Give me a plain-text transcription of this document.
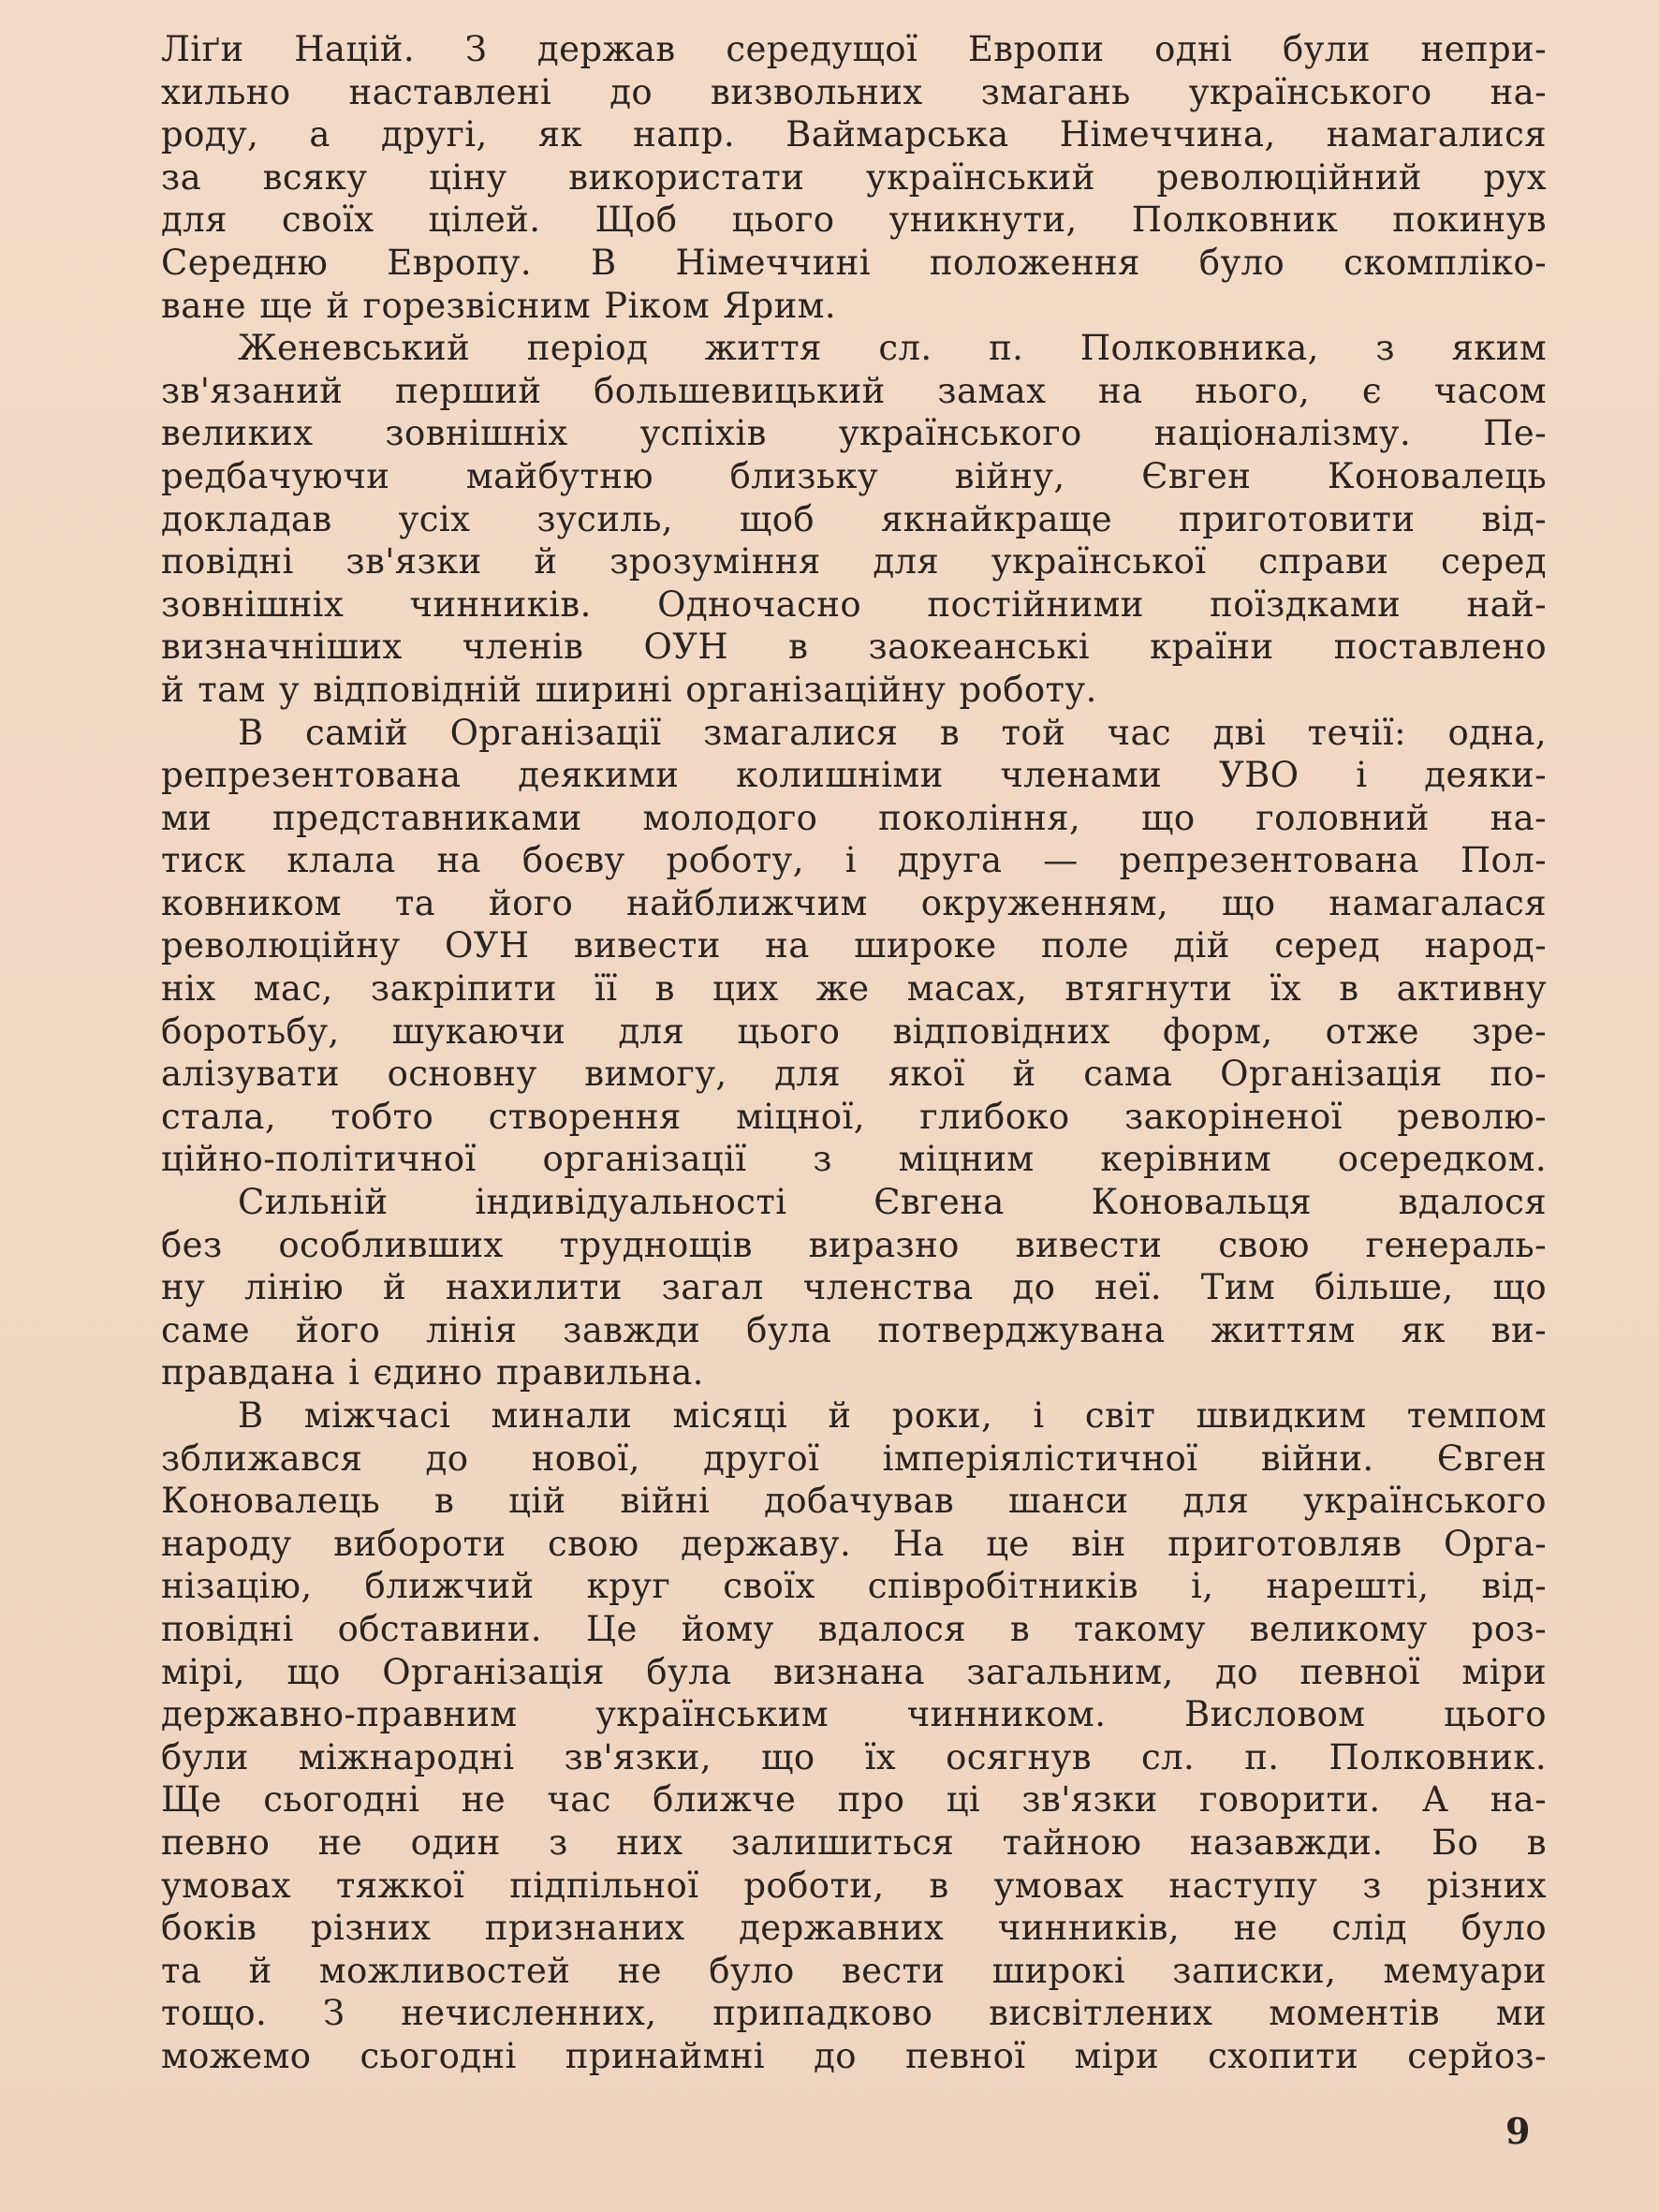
Ліґи Націй. З держав середущої Европи одні були непри-
хильно наставлені до визвольних змагань українського на-
роду, а другі, як напр. Ваймарська Німеччина, намагалися
за всяку ціну використати український революційний рух
для своїх цілей. Щоб цього уникнути, Полковник покинув
Середню Европу. В Німеччині положення було скомпліко-
ване ще й горезвісним Ріком Ярим.
Женевський період життя сл. п. Полковника, з яким
зв'язаний перший большевицький замах на нього, є часом
великих зовнішніх успіхів українського націоналізму. Пе-
редбачуючи майбутню близьку війну, Євген Коновалець
докладав усіх зусиль, щоб якнайкраще приготовити від-
повідні зв'язки й зрозуміння для української справи серед
зовнішніх чинників. Одночасно постійними поїздками най-
визначніших членів ОУН в заокеанські країни поставлено
й там у відповідній ширині організаційну роботу.
В самій Організації змагалися в той час дві течії: одна,
репрезентована деякими колишніми членами УВО і деяки-
ми представниками молодого покоління, що головний на-
тиск клала на боєву роботу, і друга — репрезентована Пол-
ковником та його найближчим окруженням, що намагалася
революційну ОУН вивести на широке поле дій серед народ-
ніх мас, закріпити її в цих же масах, втягнути їх в активну
боротьбу, шукаючи для цього відповідних форм, отже зре-
алізувати основну вимогу, для якої й сама Організація по-
стала, тобто створення міцної, глибоко закоріненої револю-
ційно-політичної організації з міцним керівним осередком.
Сильній індивідуальності Євгена Коновальця вдалося
без особливших труднощів виразно вивести свою генераль-
ну лінію й нахилити загал членства до неї. Тим більше, що
саме його лінія завжди була потверджувана життям як ви-
правдана і єдино правильна.
В міжчасі минали місяці й роки, і світ швидким темпом
зближався до нової, другої імперіялістичної війни. Євген
Коновалець в цій війні добачував шанси для українського
народу вибороти свою державу. На це він приготовляв Орга-
нізацію, ближчий круг своїх співробітників і, нарешті, від-
повідні обставини. Це йому вдалося в такому великому роз-
мірі, що Організація була визнана загальним, до певної міри
державно-правним українським чинником. Висловом цього
були міжнародні зв'язки, що їх осягнув сл. п. Полковник.
Ще сьогодні не час ближче про ці зв'язки говорити. А на-
певно не один з них залишиться тайною назавжди. Бо в
умовах тяжкої підпільної роботи, в умовах наступу з різних
боків різних признаних державних чинників, не слід було
та й можливостей не було вести широкі записки, мемуари
тощо. З нечисленних, припадково висвітлених моментів ми
можемо сьогодні принаймні до певної міри схопити серйоз-
9
